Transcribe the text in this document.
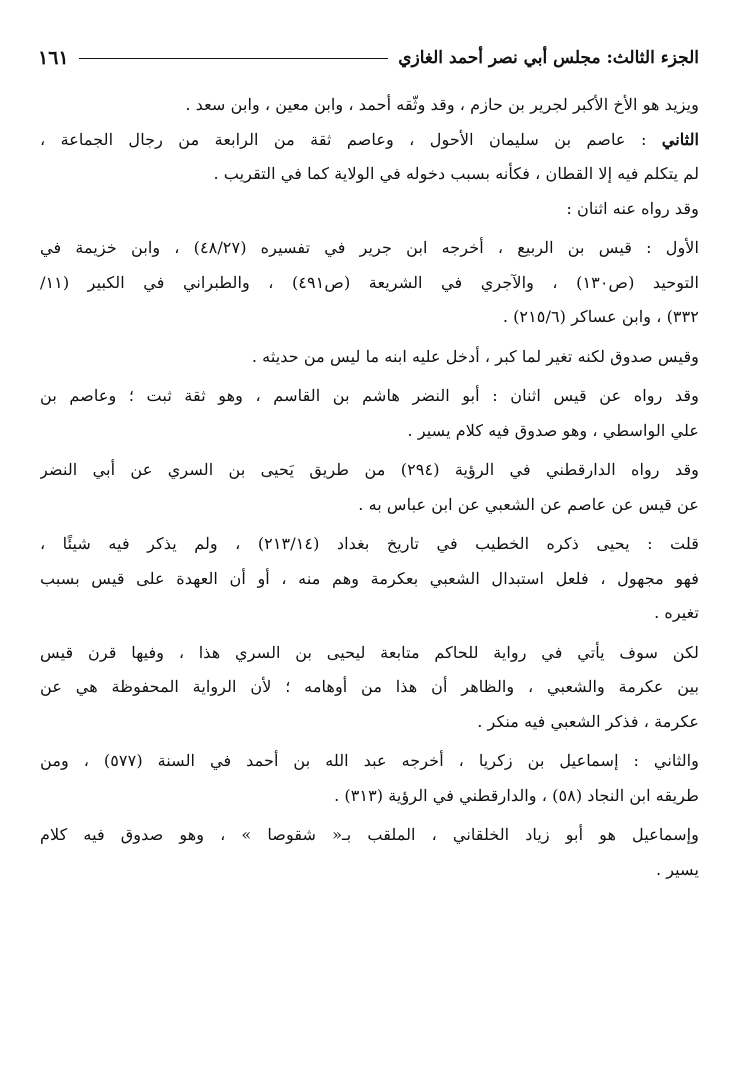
الجزء الثالث: مجلس أبي نصر أحمد الغازي
١٦١
ويزيد هو الأخ الأكبر لجرير بن حازم ، وقد وثّقه أحمد ، وابن معين ، وابن سعد .
الثاني : عاصم بن سليمان الأحول ، وعاصم ثقة من الرابعة من رجال الجماعة ،
لم يتكلم فيه إلا القطان ، فكأنه بسبب دخوله في الولاية كما في التقريب .
وقد رواه عنه اثنان :
الأول : قيس بن الربيع ، أخرجه ابن جرير في تفسيره (٤٨/٢٧) ، وابن خزيمة في
التوحيد (ص١٣٠) ، والآجري في الشريعة (ص٤٩١) ، والطبراني في الكبير (١١/
٣٣٢) ، وابن عساكر (٢١٥/٦) .
وقيس صدوق لكنه تغير لما كبر ، أدخل عليه ابنه ما ليس من حديثه .
وقد رواه عن قيس اثنان : أبو النضر هاشم بن القاسم ، وهو ثقة ثبت ؛ وعاصم بن
علي الواسطي ، وهو صدوق فيه كلام يسير .
وقد رواه الدارقطني في الرؤية (٢٩٤) من طريق يَحيى بن السري عن أبي النضر
عن قيس عن عاصم عن الشعبي عن ابن عباس به .
قلت : يحيى ذكره الخطيب في تاريخ بغداد (٢١٣/١٤) ، ولم يذكر فيه شيئًا ،
فهو مجهول ، فلعل استبدال الشعبي بعكرمة وهم منه ، أو أن العهدة على قيس بسبب
تغيره .
لكن سوف يأتي في رواية للحاكم متابعة ليحيى بن السري هذا ، وفيها قرن قيس
بين عكرمة والشعبي ، والظاهر أن هذا من أوهامه ؛ لأن الرواية المحفوظة هي عن
عكرمة ، فذكر الشعبي فيه منكر .
والثاني : إسماعيل بن زكريا ، أخرجه عبد الله بن أحمد في السنة (٥٧٧) ، ومن
طريقه ابن النجاد (٥٨) ، والدارقطني في الرؤية (٣١٣) .
وإسماعيل هو أبو زياد الخلقاني ، الملقب بـ« شقوصا » ، وهو صدوق فيه كلام
يسير .
